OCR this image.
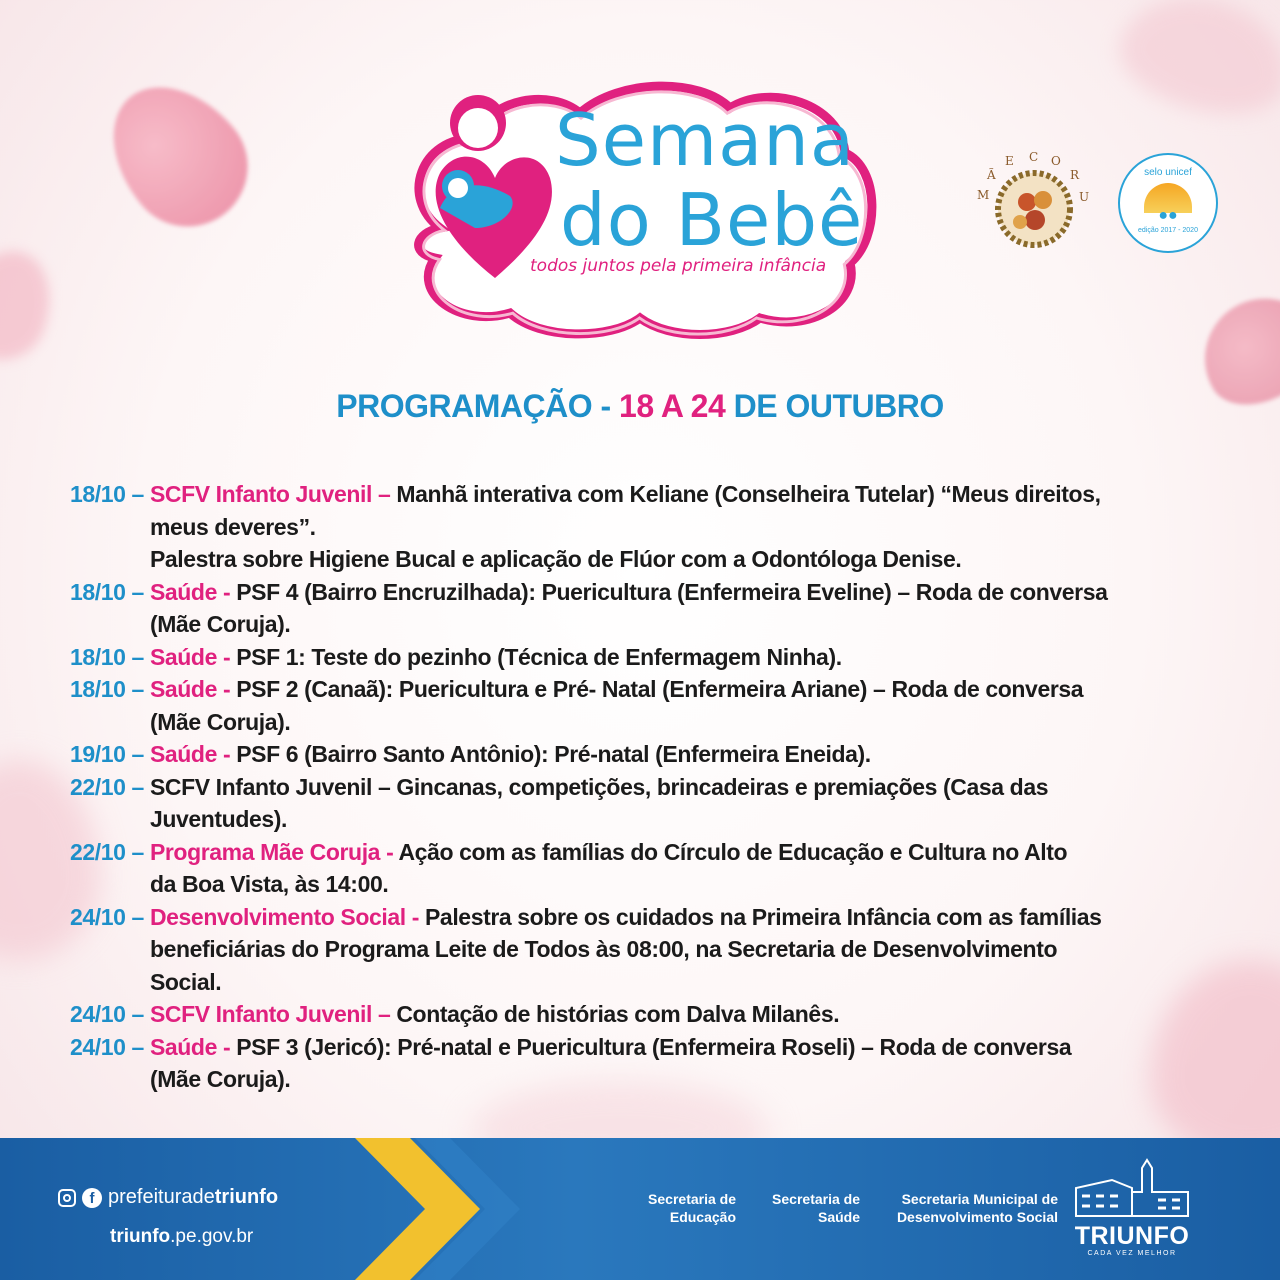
Semana
do Bebê
todos juntos pela primeira infância
M
Ã
E C O
R
U
selo unicef
●●
edição 2017 - 2020
PROGRAMAÇÃO - 18 A 24 DE OUTUBRO
18/10 – SCFV Infanto Juvenil – Manhã interativa com Keliane (Conselheira Tutelar) “Meus direitos,
meus deveres”.
Palestra sobre Higiene Bucal e aplicação de Flúor com a Odontóloga Denise.
18/10 – Saúde - PSF 4 (Bairro Encruzilhada): Puericultura (Enfermeira Eveline) – Roda de conversa
(Mãe Coruja).
18/10 – Saúde - PSF 1: Teste do pezinho (Técnica de Enfermagem Ninha).
18/10 – Saúde - PSF 2 (Canaã): Puericultura e Pré- Natal (Enfermeira Ariane) – Roda de conversa
(Mãe Coruja).
19/10 – Saúde - PSF 6 (Bairro Santo Antônio): Pré-natal (Enfermeira Eneida).
22/10 – SCFV Infanto Juvenil – Gincanas, competições, brincadeiras e premiações (Casa das
Juventudes).
22/10 – Programa Mãe Coruja - Ação com as famílias do Círculo de Educação e Cultura no Alto
da Boa Vista, às 14:00.
24/10 – Desenvolvimento Social - Palestra sobre os cuidados na Primeira Infância com as famílias
beneficiárias do Programa Leite de Todos às 08:00, na Secretaria de Desenvolvimento
Social.
24/10 – SCFV Infanto Juvenil – Contação de histórias com Dalva Milanês.
24/10 – Saúde - PSF 3 (Jericó): Pré-natal e Puericultura (Enfermeira Roseli) – Roda de conversa
(Mãe Coruja).
f prefeituradetriunfo
triunfo.pe.gov.br
Secretaria de
Educação
Secretaria de
Saúde
Secretaria Municipal de
Desenvolvimento Social
TRIUNFO
CADA VEZ MELHOR
